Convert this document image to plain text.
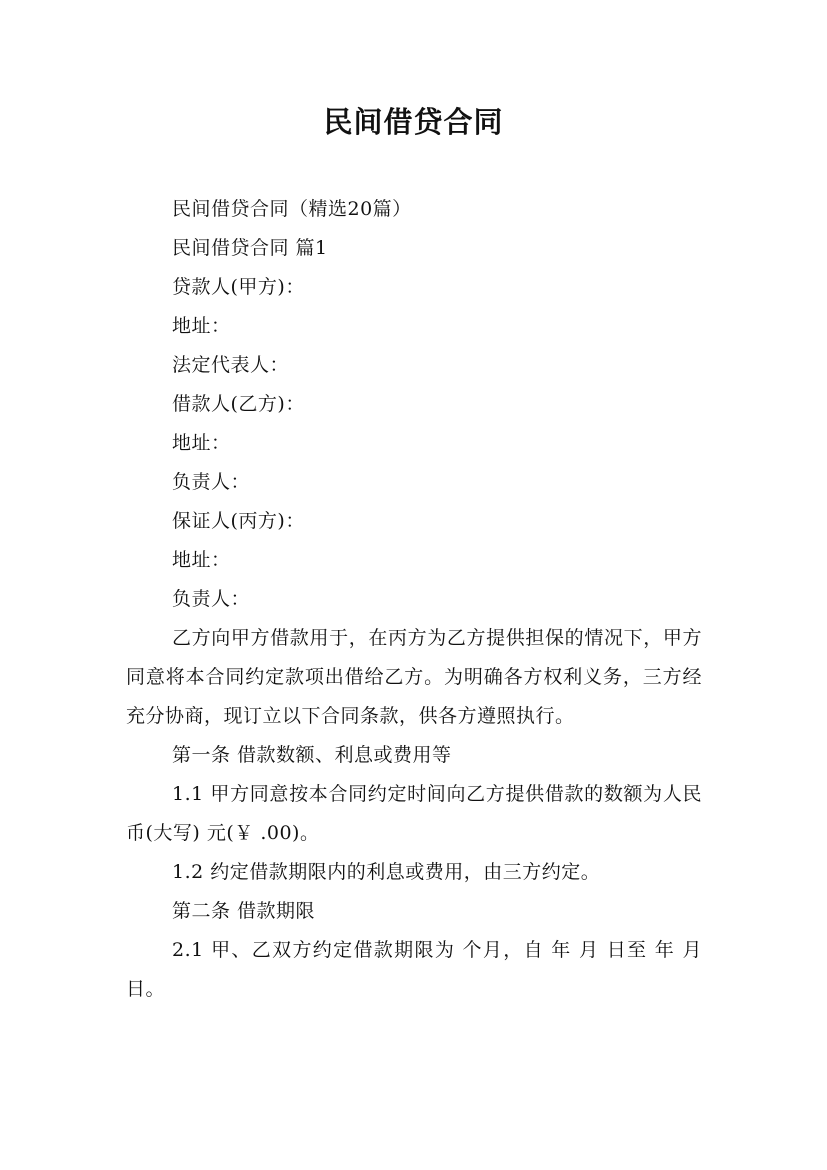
民间借贷合同

民间借贷合同（精选20篇）

民间借贷合同 篇1

贷款人(甲方)：

地址：

法定代表人：

借款人(乙方)：

地址：

负责人：

保证人(丙方)：

地址：

负责人：

乙方向甲方借款用于，在丙方为乙方提供担保的情况下，甲方同意将本合同约定款项出借给乙方。为明确各方权利义务，三方经充分协商，现订立以下合同条款，供各方遵照执行。

第一条 借款数额、利息或费用等

1.1 甲方同意按本合同约定时间向乙方提供借款的数额为人民币(大写) 元(￥ .00)。

1.2 约定借款期限内的利息或费用，由三方约定。

第二条 借款期限

2.1 甲、乙双方约定借款期限为 个月，自 年 月 日至 年 月 日。
